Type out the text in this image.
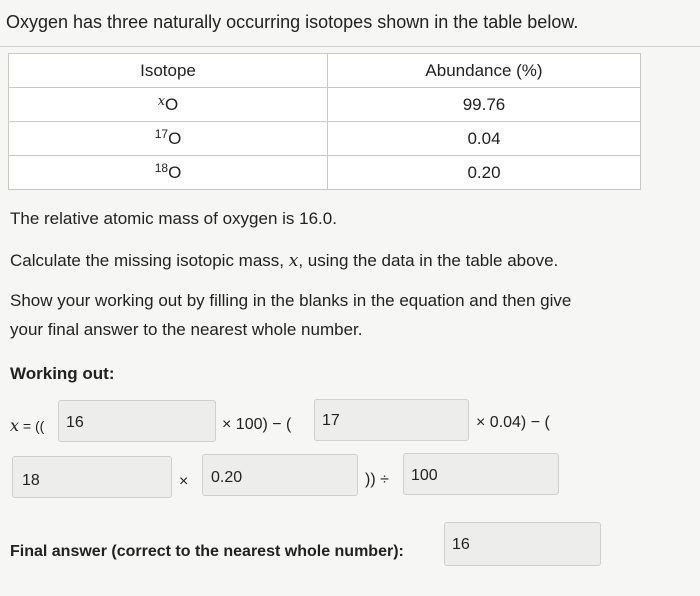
Oxygen has three naturally occurring isotopes shown in the table below.
Isotope	Abundance (%)
$^x$O	99.76
$^{17}$O	0.04
$^{18}$O	0.20
The relative atomic mass of oxygen is 16.0.
Calculate the missing isotopic mass, x, using the data in the table above.
Show your working out by filling in the blanks in the equation and then give
your final answer to the nearest whole number.
Working out:
x = (( 16	× 100) − ( 17	× 0.04) − (
18	× 0.20	)) ÷ 100
Final answer (correct to the nearest whole number):	16
